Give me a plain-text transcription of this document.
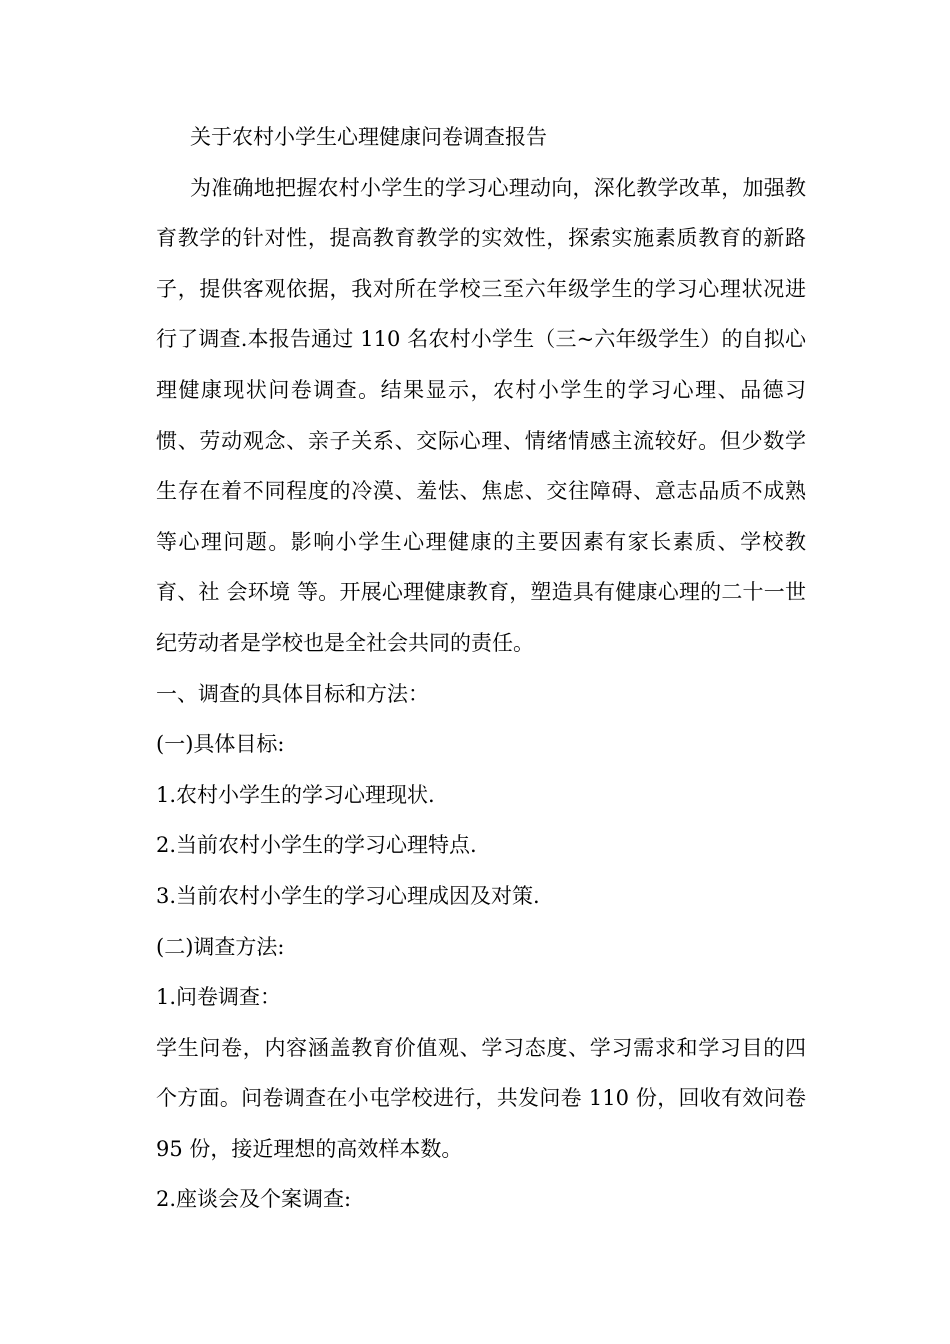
关于农村小学生心理健康问卷调查报告

为准确地把握农村小学生的学习心理动向，深化教学改革，加强教育教学的针对性，提高教育教学的实效性，探索实施素质教育的新路子，提供客观依据，我对所在学校三至六年级学生的学习心理状况进行了调查.本报告通过 110 名农村小学生（三~六年级学生）的自拟心理健康现状问卷调查。结果显示，农村小学生的学习心理、品德习惯、劳动观念、亲子关系、交际心理、情绪情感主流较好。但少数学生存在着不同程度的冷漠、羞怯、焦虑、交往障碍、意志品质不成熟等心理问题。影响小学生心理健康的主要因素有家长素质、学校教育、社 会环境 等。开展心理健康教育，塑造具有健康心理的二十一世纪劳动者是学校也是全社会共同的责任。

一、调查的具体目标和方法：

(一)具体目标:

1.农村小学生的学习心理现状.

2.当前农村小学生的学习心理特点.

3.当前农村小学生的学习心理成因及对策.

(二)调查方法:

1.问卷调查：

学生问卷，内容涵盖教育价值观、学习态度、学习需求和学习目的四个方面。问卷调查在小屯学校进行，共发问卷 110 份，回收有效问卷 95 份，接近理想的高效样本数。

2.座谈会及个案调查:
